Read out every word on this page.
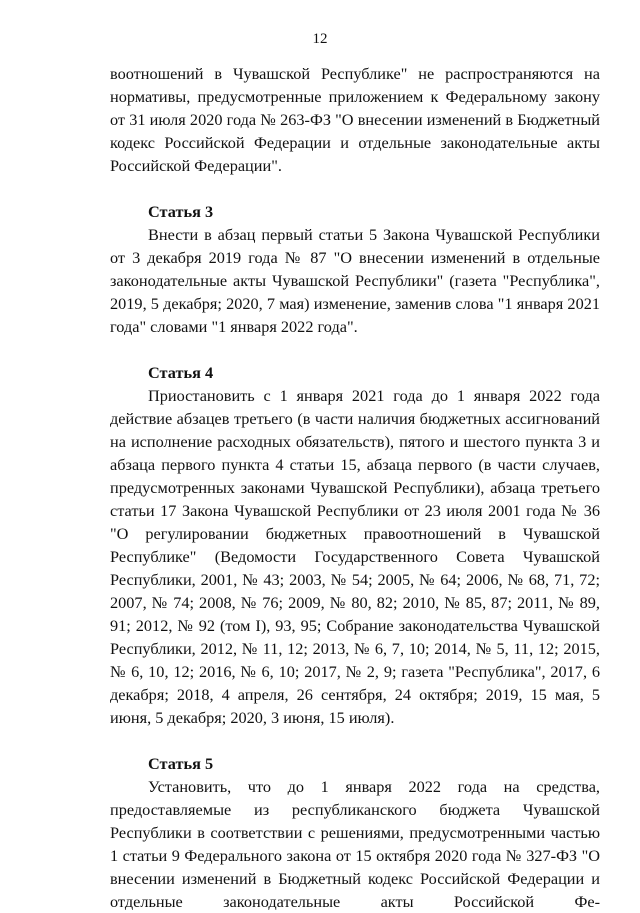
12

воотношений в Чувашской Республике" не распространяются на нормативы, предусмотренные приложением к Федеральному закону от 31 июля 2020 года № 263-ФЗ "О внесении изменений в Бюджетный кодекс Российской Федерации и отдельные законодательные акты Российской Федерации".

Статья 3

Внести в абзац первый статьи 5 Закона Чувашской Республики от 3 декабря 2019 года № 87 "О внесении изменений в отдельные законодательные акты Чувашской Республики" (газета "Республика", 2019, 5 декабря; 2020, 7 мая) изменение, заменив слова "1 января 2021 года" словами "1 января 2022 года".

Статья 4

Приостановить с 1 января 2021 года до 1 января 2022 года действие абзацев третьего (в части наличия бюджетных ассигнований на исполнение расходных обязательств), пятого и шестого пункта 3 и абзаца первого пункта 4 статьи 15, абзаца первого (в части случаев, предусмотренных законами Чувашской Республики), абзаца третьего статьи 17 Закона Чувашской Республики от 23 июля 2001 года № 36 "О регулировании бюджетных правоотношений в Чувашской Республике" (Ведомости Государственного Совета Чувашской Республики, 2001, № 43; 2003, № 54; 2005, № 64; 2006, № 68, 71, 72; 2007, № 74; 2008, № 76; 2009, № 80, 82; 2010, № 85, 87; 2011, № 89, 91; 2012, № 92 (том I), 93, 95; Собрание законодательства Чувашской Республики, 2012, № 11, 12; 2013, № 6, 7, 10; 2014, № 5, 11, 12; 2015, № 6, 10, 12; 2016, № 6, 10; 2017, № 2, 9; газета "Республика", 2017, 6 декабря; 2018, 4 апреля, 26 сентября, 24 октября; 2019, 15 мая, 5 июня, 5 декабря; 2020, 3 июня, 15 июля).

Статья 5

Установить, что до 1 января 2022 года на средства, предоставляемые из республиканского бюджета Чувашской Республики в соответствии с решениями, предусмотренными частью 1 статьи 9 Федерального закона от 15 октября 2020 года № 327-ФЗ "О внесении изменений в Бюджетный кодекс Российской Федерации и отдельные законодательные акты Российской Фе-
